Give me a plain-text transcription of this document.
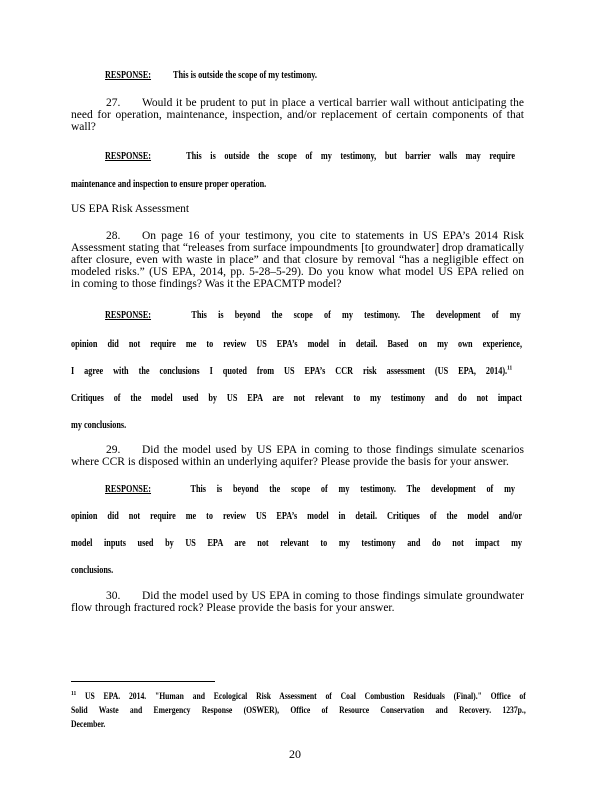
RESPONSE: This is outside the scope of my testimony.
27. Would it be prudent to put in place a vertical barrier wall without anticipating the
need for operation, maintenance, inspection, and/or replacement of certain components of that
wall?
RESPONSE:	This is outside the scope of my testimony, but barrier walls may require
maintenance and inspection to ensure proper operation.
US EPA Risk Assessment
28. On page 16 of your testimony, you cite to statements in US EPA’s 2014 Risk
Assessment stating that “releases from surface impoundments [to groundwater] drop dramatically
after closure, even with waste in place” and that closure by removal “has a negligible effect on
modeled risks.” (US EPA, 2014, pp. 5-28–5-29). Do you know what model US EPA relied on
in coming to those findings? Was it the EPACMTP model?
RESPONSE:	This is beyond the scope of my testimony. The development of my
opinion did not require me to review US EPA’s model in detail. Based on my own experience,
I agree with the conclusions I quoted from US EPA’s CCR risk assessment (US EPA, 2014).$^{11}$
Critiques of the model used by US EPA are not relevant to my testimony and do not impact
my conclusions.
29. Did the model used by US EPA in coming to those findings simulate scenarios
where CCR is disposed within an underlying aquifer? Please provide the basis for your answer.
RESPONSE:	This is beyond the scope of my testimony. The development of my
opinion did not require me to review US EPA’s model in detail. Critiques of the model and/or
model inputs used by US EPA are not relevant to my testimony and do not impact my
conclusions.
30. Did the model used by US EPA in coming to those findings simulate groundwater
flow through fractured rock? Please provide the basis for your answer.
$^{11}$ US EPA. 2014. "Human and Ecological Risk Assessment of Coal Combustion Residuals (Final)." Office of
Solid Waste and Emergency Response (OSWER), Office of Resource Conservation and Recovery. 1237p.,
December.
20
